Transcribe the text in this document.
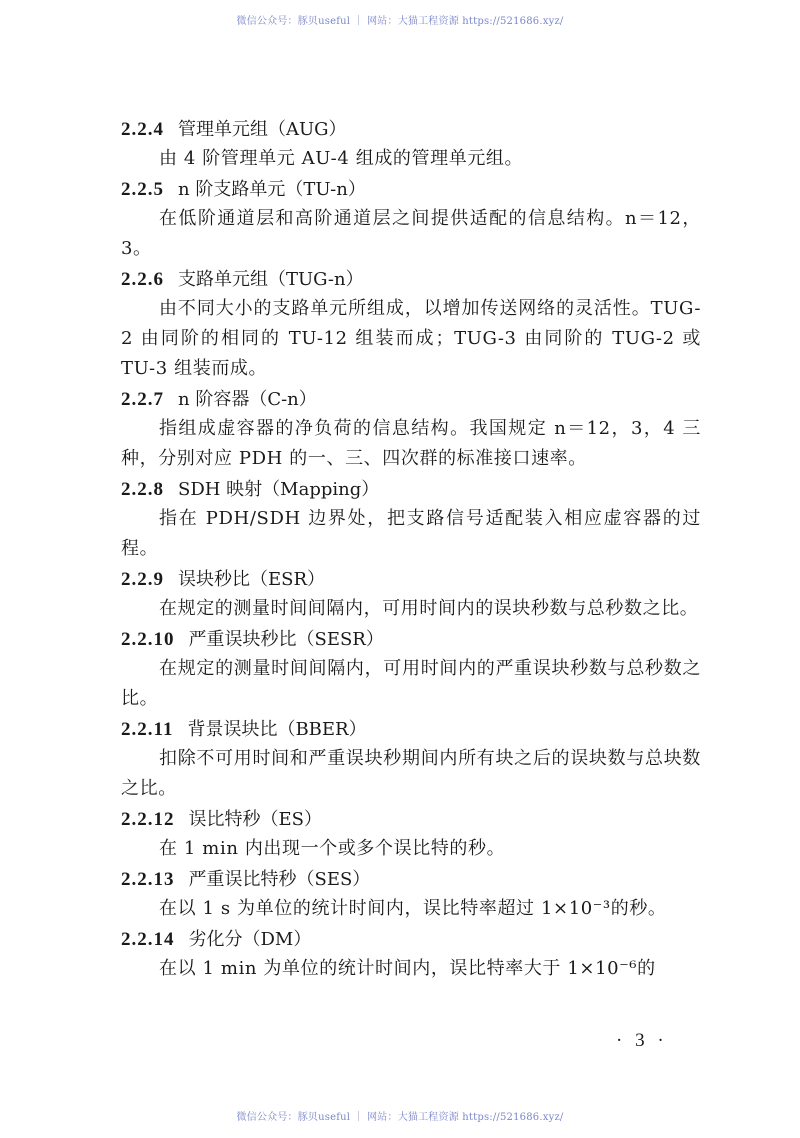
微信公众号：豚贝useful ｜ 网站：大猫工程资源 https://521686.xyz/
2.2.4 管理单元组（AUG）
由 4 阶管理单元 AU-4 组成的管理单元组。
2.2.5 n 阶支路单元（TU-n）
在低阶通道层和高阶通道层之间提供适配的信息结构。n＝12，3。
2.2.6 支路单元组（TUG-n）
由不同大小的支路单元所组成，以增加传送网络的灵活性。TUG-2 由同阶的相同的 TU-12 组装而成；TUG-3 由同阶的 TUG-2 或 TU-3 组装而成。
2.2.7 n 阶容器（C-n）
指组成虚容器的净负荷的信息结构。我国规定 n＝12，3，4 三种，分别对应 PDH 的一、三、四次群的标准接口速率。
2.2.8 SDH 映射（Mapping）
指在 PDH/SDH 边界处，把支路信号适配装入相应虚容器的过程。
2.2.9 误块秒比（ESR）
在规定的测量时间间隔内，可用时间内的误块秒数与总秒数之比。
2.2.10 严重误块秒比（SESR）
在规定的测量时间间隔内，可用时间内的严重误块秒数与总秒数之比。
2.2.11 背景误块比（BBER）
扣除不可用时间和严重误块秒期间内所有块之后的误块数与总块数之比。
2.2.12 误比特秒（ES）
在 1 min 内出现一个或多个误比特的秒。
2.2.13 严重误比特秒（SES）
在以 1 s 为单位的统计时间内，误比特率超过 1×10⁻³的秒。
2.2.14 劣化分（DM）
在以 1 min 为单位的统计时间内，误比特率大于 1×10⁻⁶的
· 3 ·
微信公众号：豚贝useful ｜ 网站：大猫工程资源 https://521686.xyz/
